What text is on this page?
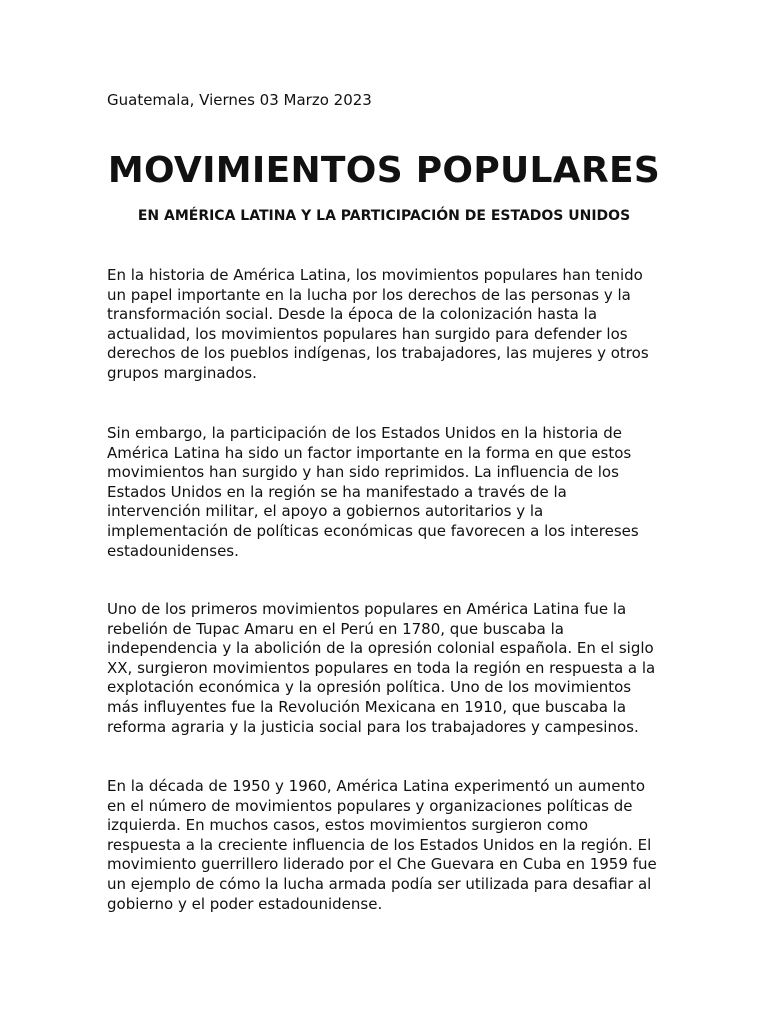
Guatemala, Viernes 03 Marzo 2023
MOVIMIENTOS POPULARES
EN AMÉRICA LATINA Y LA PARTICIPACIÓN DE ESTADOS UNIDOS

En la historia de América Latina, los movimientos populares han tenido un papel importante en la lucha por los derechos de las personas y la transformación social. Desde la época de la colonización hasta la actualidad, los movimientos populares han surgido para defender los derechos de los pueblos indígenas, los trabajadores, las mujeres y otros grupos marginados.

Sin embargo, la participación de los Estados Unidos en la historia de América Latina ha sido un factor importante en la forma en que estos movimientos han surgido y han sido reprimidos. La influencia de los Estados Unidos en la región se ha manifestado a través de la intervención militar, el apoyo a gobiernos autoritarios y la implementación de políticas económicas que favorecen a los intereses estadounidenses.

Uno de los primeros movimientos populares en América Latina fue la rebelión de Tupac Amaru en el Perú en 1780, que buscaba la independencia y la abolición de la opresión colonial española. En el siglo XX, surgieron movimientos populares en toda la región en respuesta a la explotación económica y la opresión política. Uno de los movimientos más influyentes fue la Revolución Mexicana en 1910, que buscaba la reforma agraria y la justicia social para los trabajadores y campesinos.

En la década de 1950 y 1960, América Latina experimentó un aumento en el número de movimientos populares y organizaciones políticas de izquierda. En muchos casos, estos movimientos surgieron como respuesta a la creciente influencia de los Estados Unidos en la región. El movimiento guerrillero liderado por el Che Guevara en Cuba en 1959 fue un ejemplo de cómo la lucha armada podía ser utilizada para desafiar al gobierno y el poder estadounidense.
